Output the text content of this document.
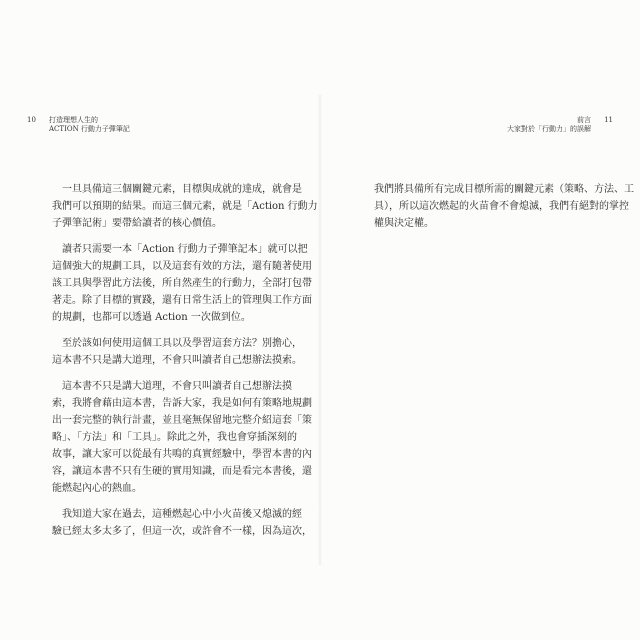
10	打造理想人生的
ACTION 行動力子彈筆記

一旦具備這三個關鍵元素，目標與成就的達成，就會是
我們可以預期的結果。而這三個元素，就是「Action 行動力
子彈筆記術」要帶給讀者的核心價值。

讀者只需要一本「Action 行動力子彈筆記本」就可以把
這個強大的規劃工具，以及這套有效的方法，還有隨著使用
該工具與學習此方法後，所自然產生的行動力，全部打包帶
著走。除了目標的實踐，還有日常生活上的管理與工作方面
的規劃，也都可以透過 Action 一次做到位。

至於該如何使用這個工具以及學習這套方法？別擔心，
這本書不只是講大道理，不會只叫讀者自己想辦法摸索。

這本書不只是講大道理，不會只叫讀者自己想辦法摸
索，我將會藉由這本書，告訴大家，我是如何有策略地規劃
出一套完整的執行計畫，並且毫無保留地完整介紹這套「策
略」、「方法」和「工具」。除此之外，我也會穿插深刻的
故事，讓大家可以從最有共鳴的真實經驗中，學習本書的內
容，讓這本書不只有生硬的實用知識，而是看完本書後，還
能燃起內心的熱血。

我知道大家在過去，這種燃起心中小火苗後又熄滅的經
驗已經太多太多了，但這一次，或許會不一樣，因為這次，

前言
大家對於「行動力」的誤解
11

我們將具備所有完成目標所需的關鍵元素（策略、方法、工
具），所以這次燃起的火苗會不會熄滅，我們有絕對的掌控
權與決定權。
